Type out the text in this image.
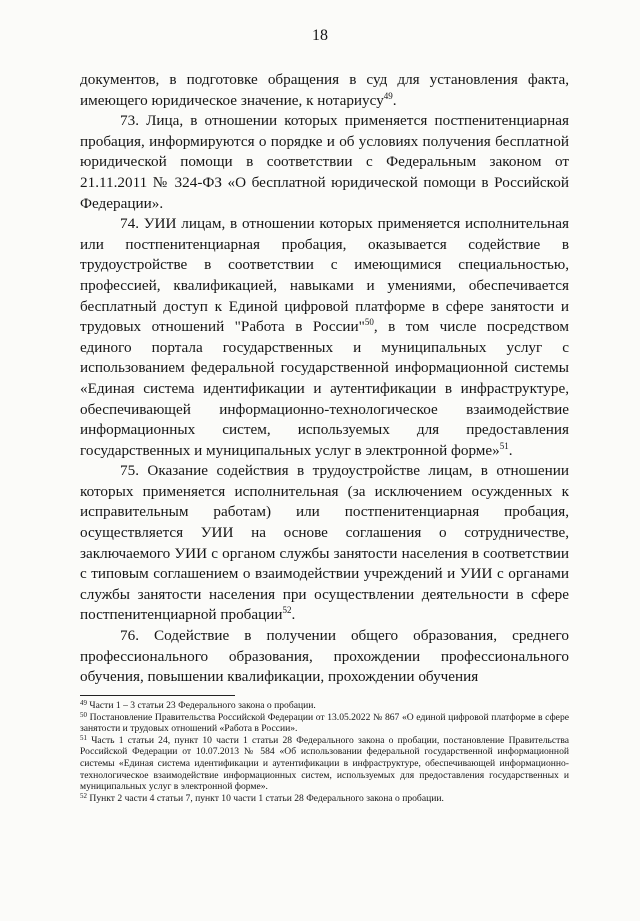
18

документов, в подготовке обращения в суд для установления факта, имеющего юридическое значение, к нотариусу$^{49}$.

73. Лица, в отношении которых применяется постпенитенциарная пробация, информируются о порядке и об условиях получения бесплатной юридической помощи в соответствии с Федеральным законом от 21.11.2011 № 324-ФЗ «О бесплатной юридической помощи в Российской Федерации».

74. УИИ лицам, в отношении которых применяется исполнительная или постпенитенциарная пробация, оказывается содействие в трудоустройстве в соответствии с имеющимися специальностью, профессией, квалификацией, навыками и умениями, обеспечивается бесплатный доступ к Единой цифровой платформе в сфере занятости и трудовых отношений "Работа в России"$^{50}$, в том числе посредством единого портала государственных и муниципальных услуг с использованием федеральной государственной информационной системы «Единая система идентификации и аутентификации в инфраструктуре, обеспечивающей информационно-технологическое взаимодействие информационных систем, используемых для предоставления государственных и муниципальных услуг в электронной форме»$^{51}$.

75. Оказание содействия в трудоустройстве лицам, в отношении которых применяется исполнительная (за исключением осужденных к исправительным работам) или постпенитенциарная пробация, осуществляется УИИ на основе соглашения о сотрудничестве, заключаемого УИИ с органом службы занятости населения в соответствии с типовым соглашением о взаимодействии учреждений и УИИ с органами службы занятости населения при осуществлении деятельности в сфере постпенитенциарной пробации$^{52}$.

76. Содействие в получении общего образования, среднего профессионального образования, прохождении профессионального обучения, повышении квалификации, прохождении обучения

$^{49}$ Части 1 – 3 статьи 23 Федерального закона о пробации.

$^{50}$ Постановление Правительства Российской Федерации от 13.05.2022 № 867 «О единой цифровой платформе в сфере занятости и трудовых отношений «Работа в России».

$^{51}$ Часть 1 статьи 24, пункт 10 части 1 статьи 28 Федерального закона о пробации, постановление Правительства Российской Федерации от 10.07.2013 № 584 «Об использовании федеральной государственной информационной системы «Единая система идентификации и аутентификации в инфраструктуре, обеспечивающей информационно-технологическое взаимодействие информационных систем, используемых для предоставления государственных и муниципальных услуг в электронной форме».

$^{52}$ Пункт 2 части 4 статьи 7, пункт 10 части 1 статьи 28 Федерального закона о пробации.
